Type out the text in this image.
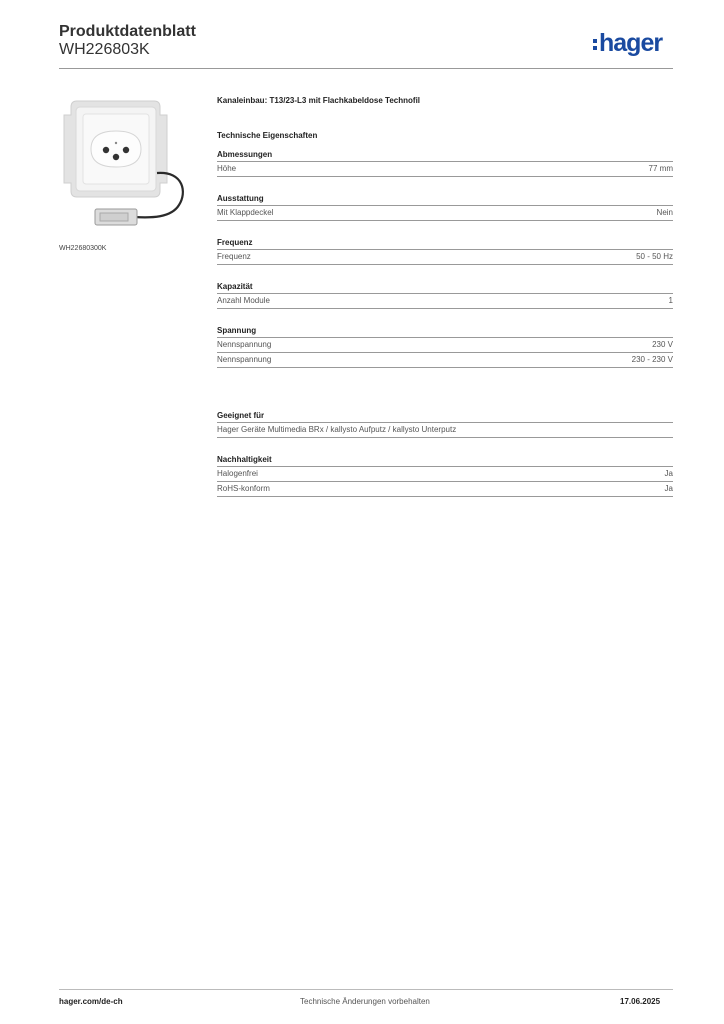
Produktdatenblatt
WH226803K	hager
WH22680300K
Kanaleinbau: T13/23-L3 mit Flachkabeldose Technofil
Technische Eigenschaften
Abmessungen
Höhe	77 mm
Ausstattung
Mit Klappdeckel	Nein
Frequenz
Frequenz	50 - 50 Hz
Kapazität
Anzahl Module	1
Spannung
Nennspannung	230 V
Nennspannung	230 - 230 V
Geeignet für
Hager Geräte Multimedia BRx / kallysto Aufputz / kallysto Unterputz
Nachhaltigkeit
Halogenfrei	Ja
RoHS-konform	Ja
hager.com/de-ch	Technische Änderungen vorbehalten	17.06.2025
